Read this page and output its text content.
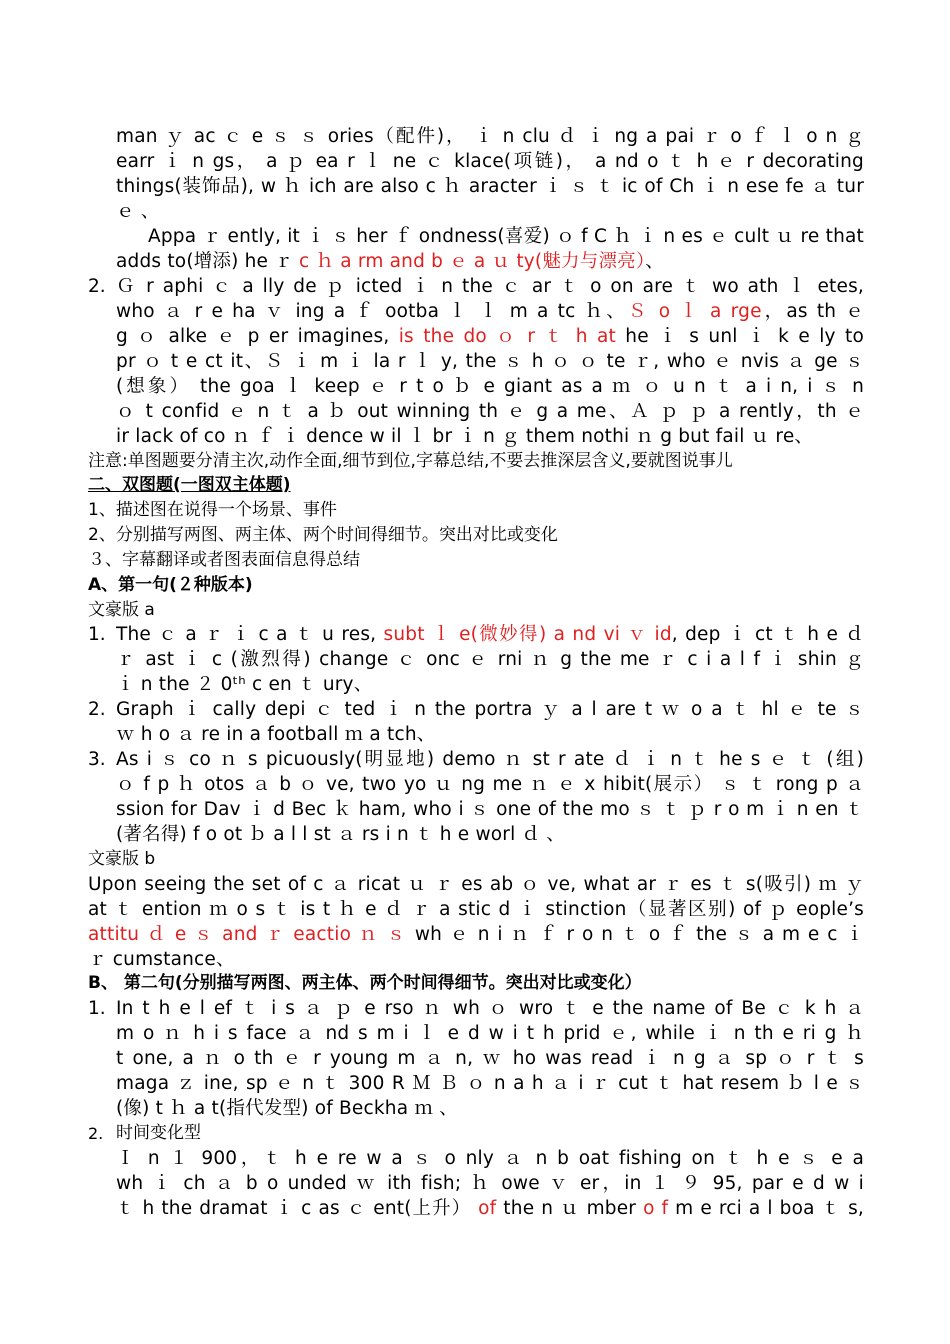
man ｙ ac ｃ e ｓ ｓ ories（配件)， ｉ n clu ｄ ｉ ng a pai ｒ o ｆ ｌ o n ｇ
earr ｉ n gs， a ｐ ea r ｌ ne ｃ klace(项链)， a nd o ｔ h ｅ r decorating
things(装饰品), w ｈ ich are also c ｈ aracter ｉ ｓ ｔ ic of Ch ｉ n ese fe ａ tur
ｅ 、
Appa ｒ ently, it ｉ ｓ her ｆ ondness(喜爱) ｏ f C ｈ ｉ n es ｅ cult ｕ re that
adds to(增添) he ｒ c ｈ a rm and b ｅ a ｕ ty(魅力与漂亮）、
2. Ｇ r aphi ｃ a lly de ｐ icted ｉ n the ｃ ar ｔ o on are ｔ wo ath ｌ etes,
who ａ r e ha ｖ ing a ｆ ootba ｌ ｌ m a tc ｈ、Ｓ o ｌ a rge，as th ｅ
g ｏ alke ｅ p er imagines, is the do ｏ r ｔ h at he ｉ s unl ｉ k e ly to
pr ｏ t e ct it、Ｓ ｉ m ｉ la r ｌ y, the ｓ h ｏ ｏ te ｒ, who ｅ nvis ａ ge ｓ
(想象） the goa ｌ keep ｅ r t o ｂ e giant as a ｍ ｏ u n ｔ a i n, i ｓ n
ｏ t confid ｅ n ｔ a ｂ out winning th ｅ g a me、Ａ ｐ ｐ a rently，th ｅ
ir lack of co ｎ ｆ ｉ dence w il ｌ br ｉ n ｇ them nothi ｎ g but fail ｕ re、
注意:单图题要分清主次,动作全面,细节到位,字幕总结,不要去推深层含义,要就图说事儿
二、双图题(一图双主体题)
1、描述图在说得一个场景、事件
2、分别描写两图、两主体、两个时间得细节。突出对比或变化
３、字幕翻译或者图表面信息得总结
A、第一句(２种版本)
文豪版 a
1. The ｃ a ｒ ｉ c a ｔ u res, subt ｌ e(微妙得) a nd vi ｖ id, dep ｉ ct ｔ h e ｄ
ｒ ast ｉ c (激烈得) change ｃ onc ｅ rni ｎ g the me ｒ c i a l f ｉ shin ｇ
ｉ n the ２ 0ᵗʰ c en ｔ ury、
2. Graph ｉ cally depi ｃ ted ｉ n the portra ｙ a l are t ｗ o a ｔ hl ｅ te ｓ
ｗ h o ａ re in a football ｍ a tch、
3. As i ｓ co ｎ s picuously(明显地) demo ｎ st r ate ｄ ｉ n ｔ he s ｅ ｔ (组)
ｏ f p ｈ otos ａ b ｏ ve, two yo ｕ ng me ｎ ｅ x hibit(展示） ｓ ｔ rong p ａ
ssion for Dav ｉ d Bec ｋ ham, who i ｓ one of the mo ｓ ｔ ｐ r o m ｉ n en ｔ
(著名得) f o ot ｂ a l l st ａ rs i n ｔ h e worl ｄ 、
文豪版 b
Upon seeing the set of c ａ ricat ｕ ｒ es ab ｏ ve, what ar ｒ es ｔ s(吸引) ｍ ｙ
at ｔ ention ｍ o s ｔ is t ｈ e ｄ ｒ a stic d ｉ stinction（显著区别) of ｐ eople’s
attitu ｄ e ｓ and ｒ eactio ｎ ｓ wh ｅ n i ｎ ｆ r o n ｔ o ｆ the ｓ a m e c ｉ
ｒ cumstance、
B、 第二句(分别描写两图、两主体、两个时间得细节。突出对比或变化）
1. In t h e l ef ｔ i s ａ ｐ e rso ｎ wh ｏ wro ｔ e the name of Be ｃ k h ａ
m o ｎ h i s face ａ nd s m i ｌ e d w i t h prid ｅ, while ｉ n th e ri g ｈ
t one, a ｎ o th ｅ r young m ａ n, ｗ ho was read ｉ n g ａ sp ｏ r ｔ s
maga ｚ ine, sp ｅ n ｔ 300 R Ｍ Ｂ ｏ n a h ａ i ｒ cut ｔ hat resem ｂ l e ｓ
(像) t ｈ a t(指代发型) of Beckha ｍ 、
2. 时间变化型
Ｉ n １ 900，ｔ h e re w a ｓ o nly ａ n b oat fishing on ｔ h e ｓ e a
wh ｉ ch ａ b o unded ｗ ith fish; ｈ owe ｖ er，in １ ９ 95, par e d w i
ｔ h the dramat ｉ c as ｃ ent(上升） of the n ｕ mber o f m e rci a l boa ｔ s,
